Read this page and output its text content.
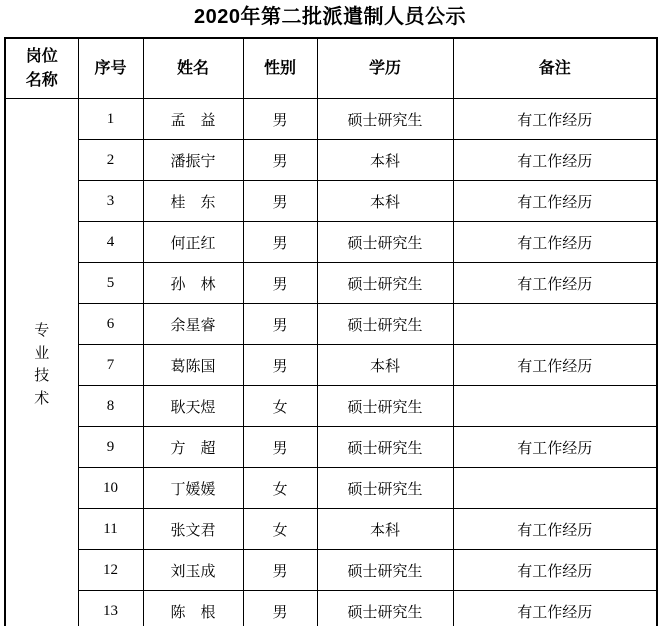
2020年第二批派遣制人员公示
岗位名称	序号	姓名	性别	学历	备注
专业技术	1	孟　益	男	硕士研究生	有工作经历
	2	潘振宁	男	本科	有工作经历
	3	桂　东	男	本科	有工作经历
	4	何正红	男	硕士研究生	有工作经历
	5	孙　林	男	硕士研究生	有工作经历
	6	余星睿	男	硕士研究生	
	7	葛陈国	男	本科	有工作经历
	8	耿天煜	女	硕士研究生	
	9	方　超	男	硕士研究生	有工作经历
	10	丁媛媛	女	硕士研究生	
	11	张文君	女	本科	有工作经历
	12	刘玉成	男	硕士研究生	有工作经历
	13	陈　根	男	硕士研究生	有工作经历
